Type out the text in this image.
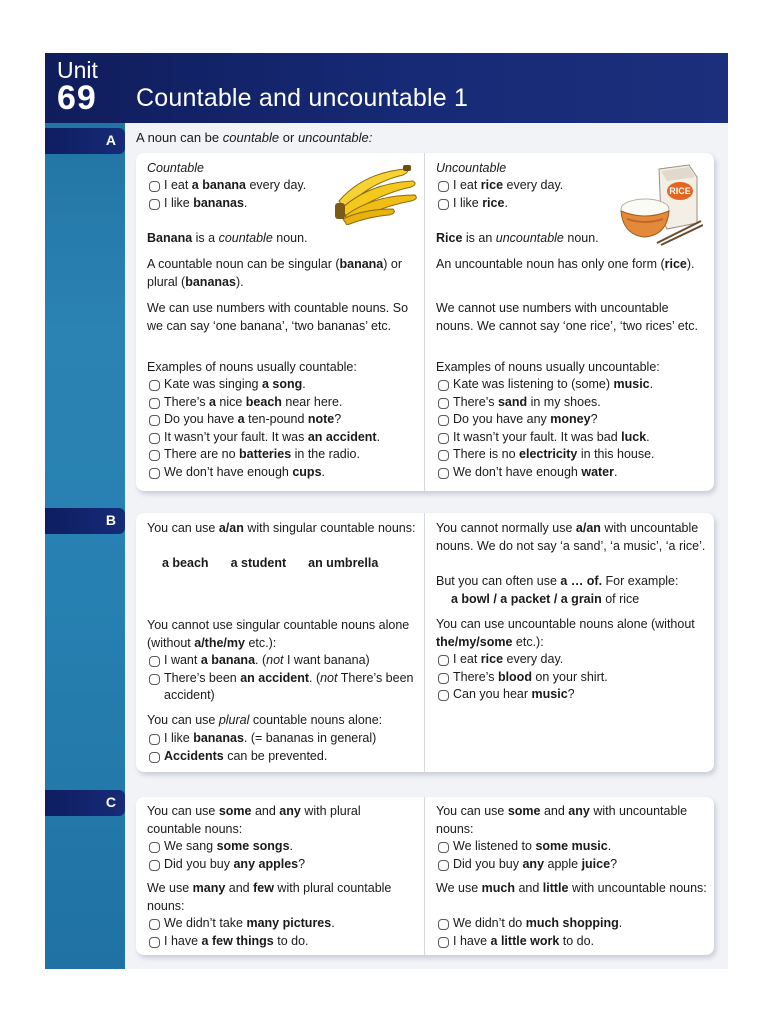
Unit
69 Countable and uncountable 1
A A noun can be countable or uncountable:
Countable
I eat a banana every day.
I like bananas.
Banana is a countable noun.
A countable noun can be singular (banana) or plural (bananas).
We can use numbers with countable nouns. So we can say ‘one banana’, ‘two bananas’ etc.
Examples of nouns usually countable:
Kate was singing a song.
There’s a nice beach near here.
Do you have a ten-pound note?
It wasn’t your fault. It was an accident.
There are no batteries in the radio.
We don’t have enough cups.
Uncountable
I eat rice every day.
I like rice.
Rice is an uncountable noun.
An uncountable noun has only one form (rice).
We cannot use numbers with uncountable nouns. We cannot say ‘one rice’, ‘two rices’ etc.
Examples of nouns usually uncountable:
Kate was listening to (some) music.
There’s sand in my shoes.
Do you have any money?
It wasn’t your fault. It was bad luck.
There is no electricity in this house.
We don’t have enough water.
RICE
B You can use a/an with singular countable nouns:
a beach a student an umbrella
You cannot use singular countable nouns alone (without a/the/my etc.):
I want a banana. (not I want banana)
There’s been an accident. (not There’s been accident)
You can use plural countable nouns alone:
I like bananas. (= bananas in general)
Accidents can be prevented.
You cannot normally use a/an with uncountable nouns. We do not say ‘a sand’, ‘a music’, ‘a rice’.
But you can often use a … of. For example:
a bowl / a packet / a grain of rice
You can use uncountable nouns alone (without the/my/some etc.):
I eat rice every day.
There’s blood on your shirt.
Can you hear music?
C
You can use some and any with plural countable nouns:
We sang some songs.
Did you buy any apples?
We use many and few with plural countable nouns:
We didn’t take many pictures.
I have a few things to do.
You can use some and any with uncountable nouns:
We listened to some music.
Did you buy any apple juice?
We use much and little with uncountable nouns:
We didn’t do much shopping.
I have a little work to do.
